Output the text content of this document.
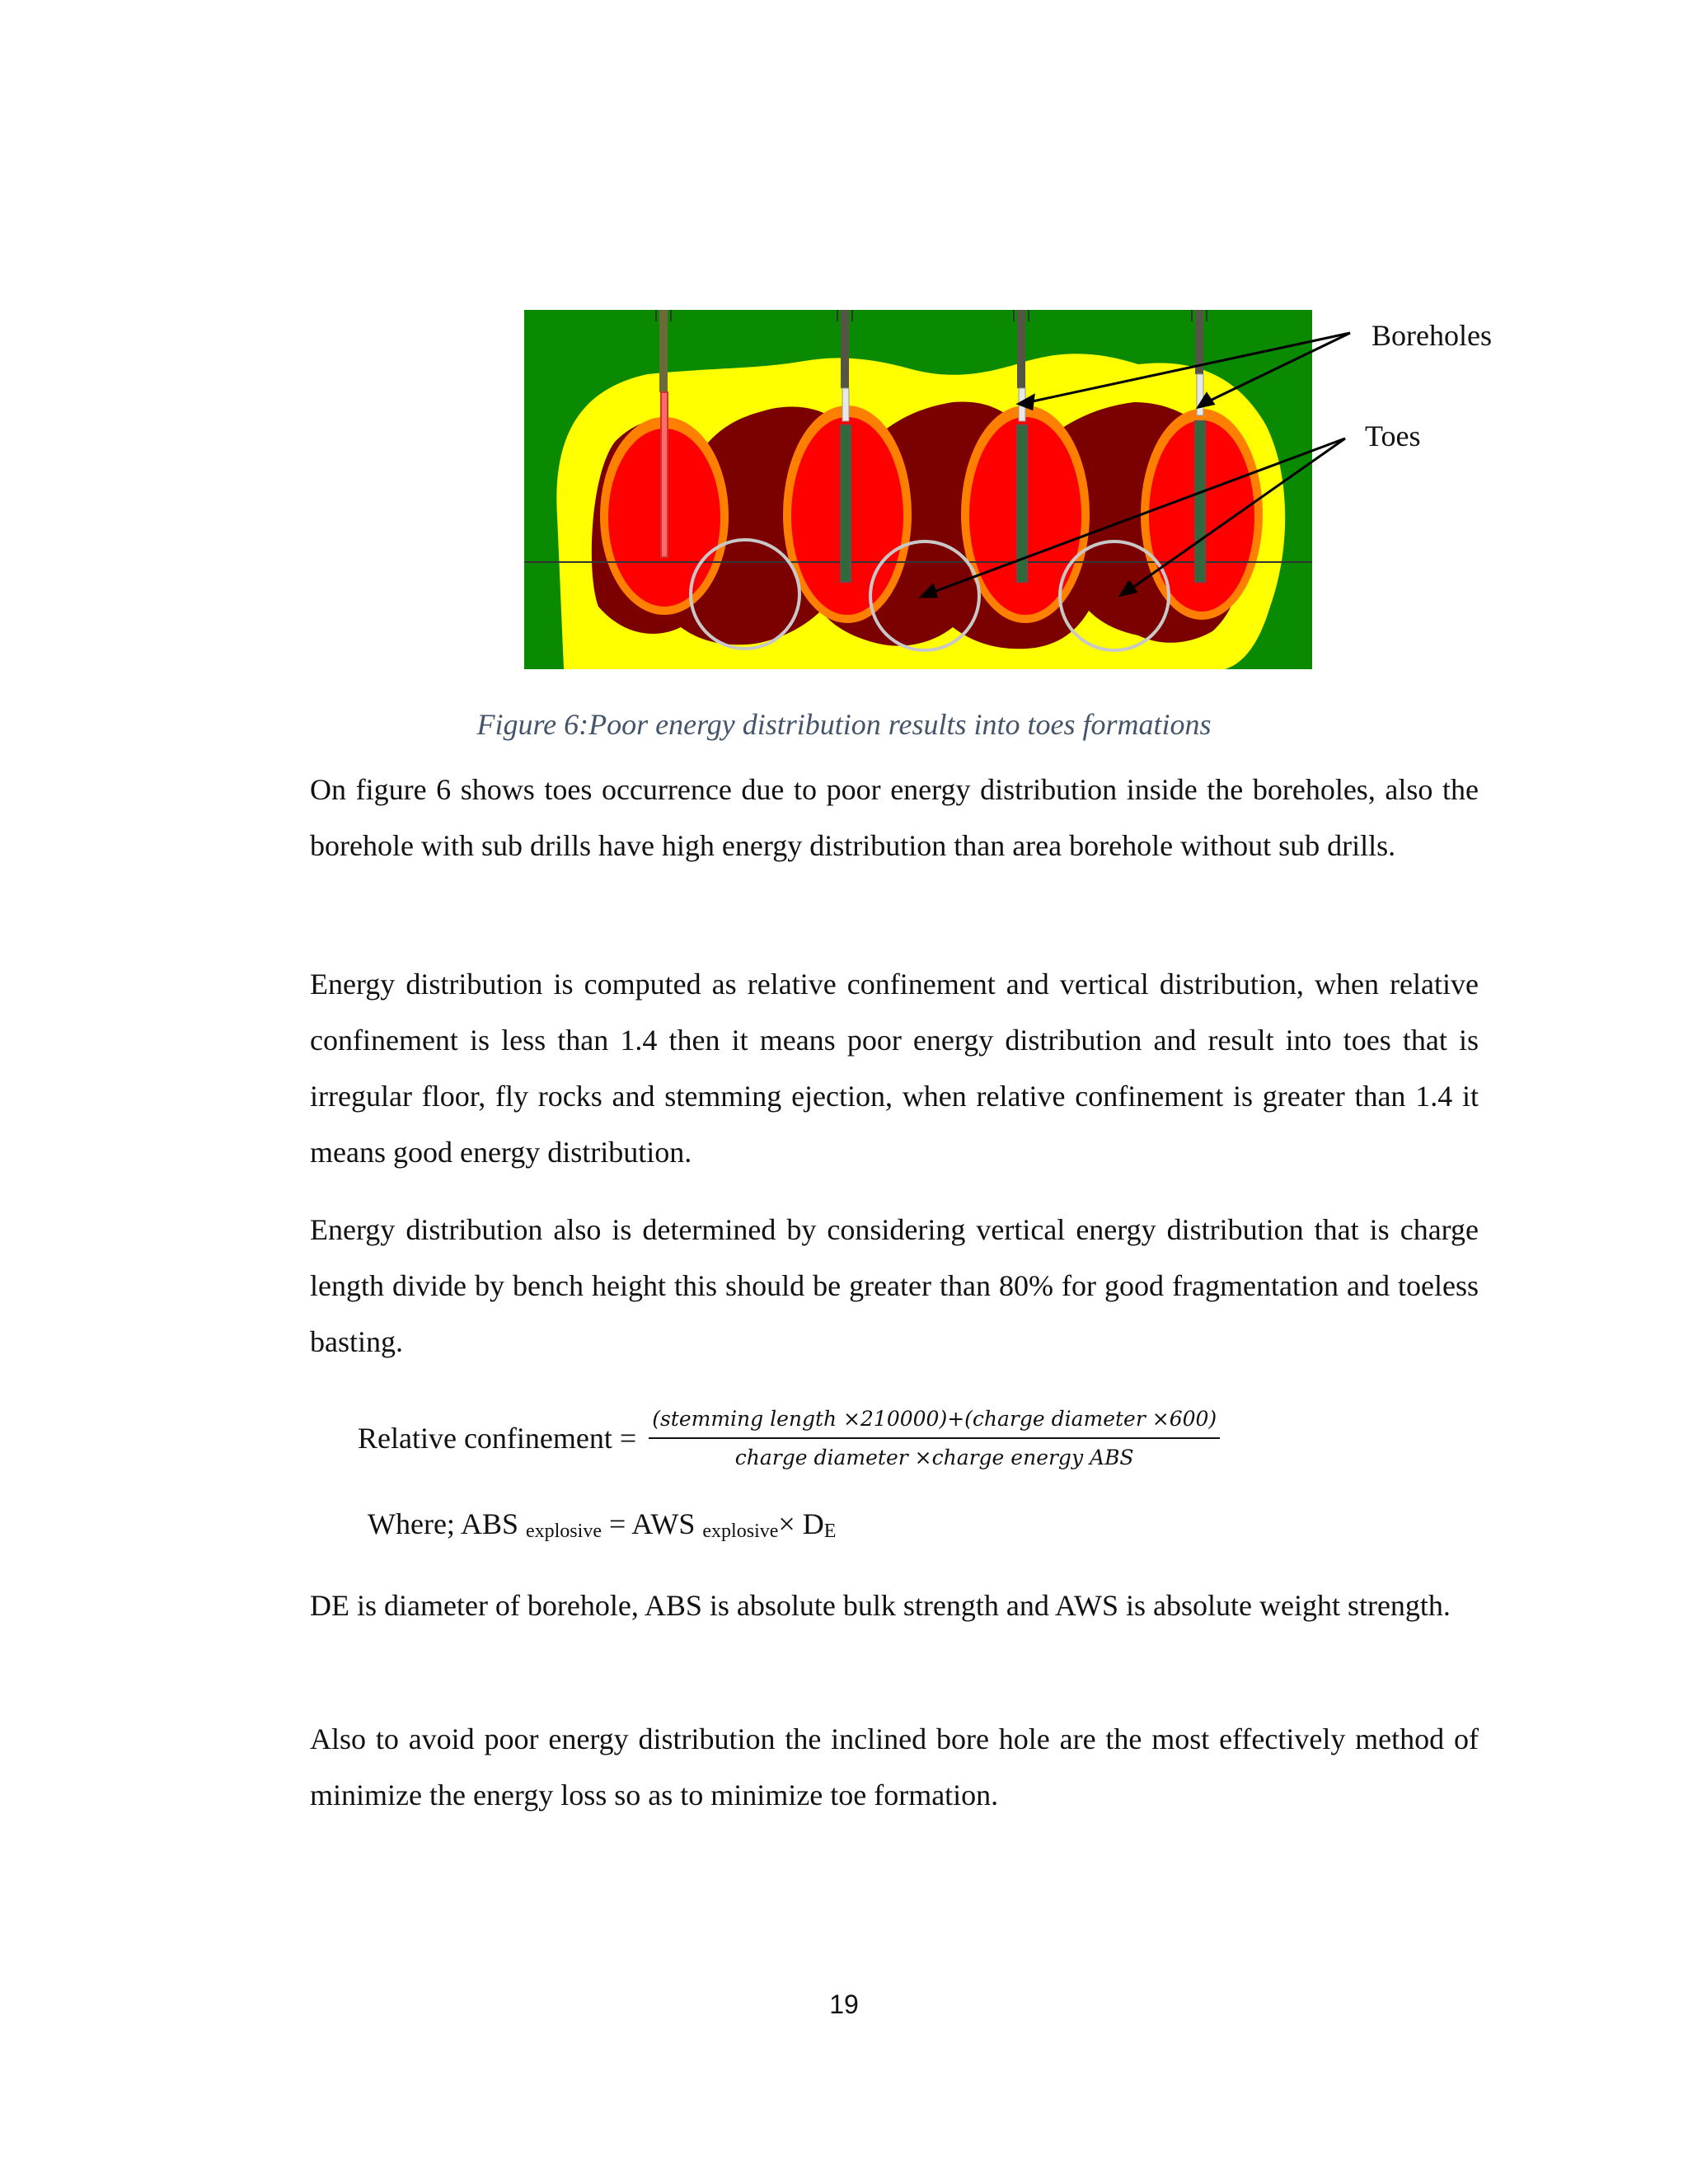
Boreholes
Toes
Figure 6:Poor energy distribution results into toes formations

On figure 6 shows toes occurrence due to poor energy distribution inside the boreholes, also the borehole with sub drills have high energy distribution than area borehole without sub drills.

Energy distribution is computed as relative confinement and vertical distribution, when relative confinement is less than 1.4 then it means poor energy distribution and result into toes that is irregular floor, fly rocks and stemming ejection, when relative confinement is greater than 1.4 it means good energy distribution.

Energy distribution also is determined by considering vertical energy distribution that is charge length divide by bench height this should be greater than 80% for good fragmentation and toeless basting.

Relative confinement = $\frac{\text{(stemming length ×210000)+(charge diameter ×600)}}{\text{charge diameter ×charge energy ABS}}$
Where; ABS $_{explosive}$ = AWS $_{explosive}\times D_E$

DE is diameter of borehole, ABS is absolute bulk strength and AWS is absolute weight strength.

Also to avoid poor energy distribution the inclined bore hole are the most effectively method of minimize the energy loss so as to minimize toe formation.

19
